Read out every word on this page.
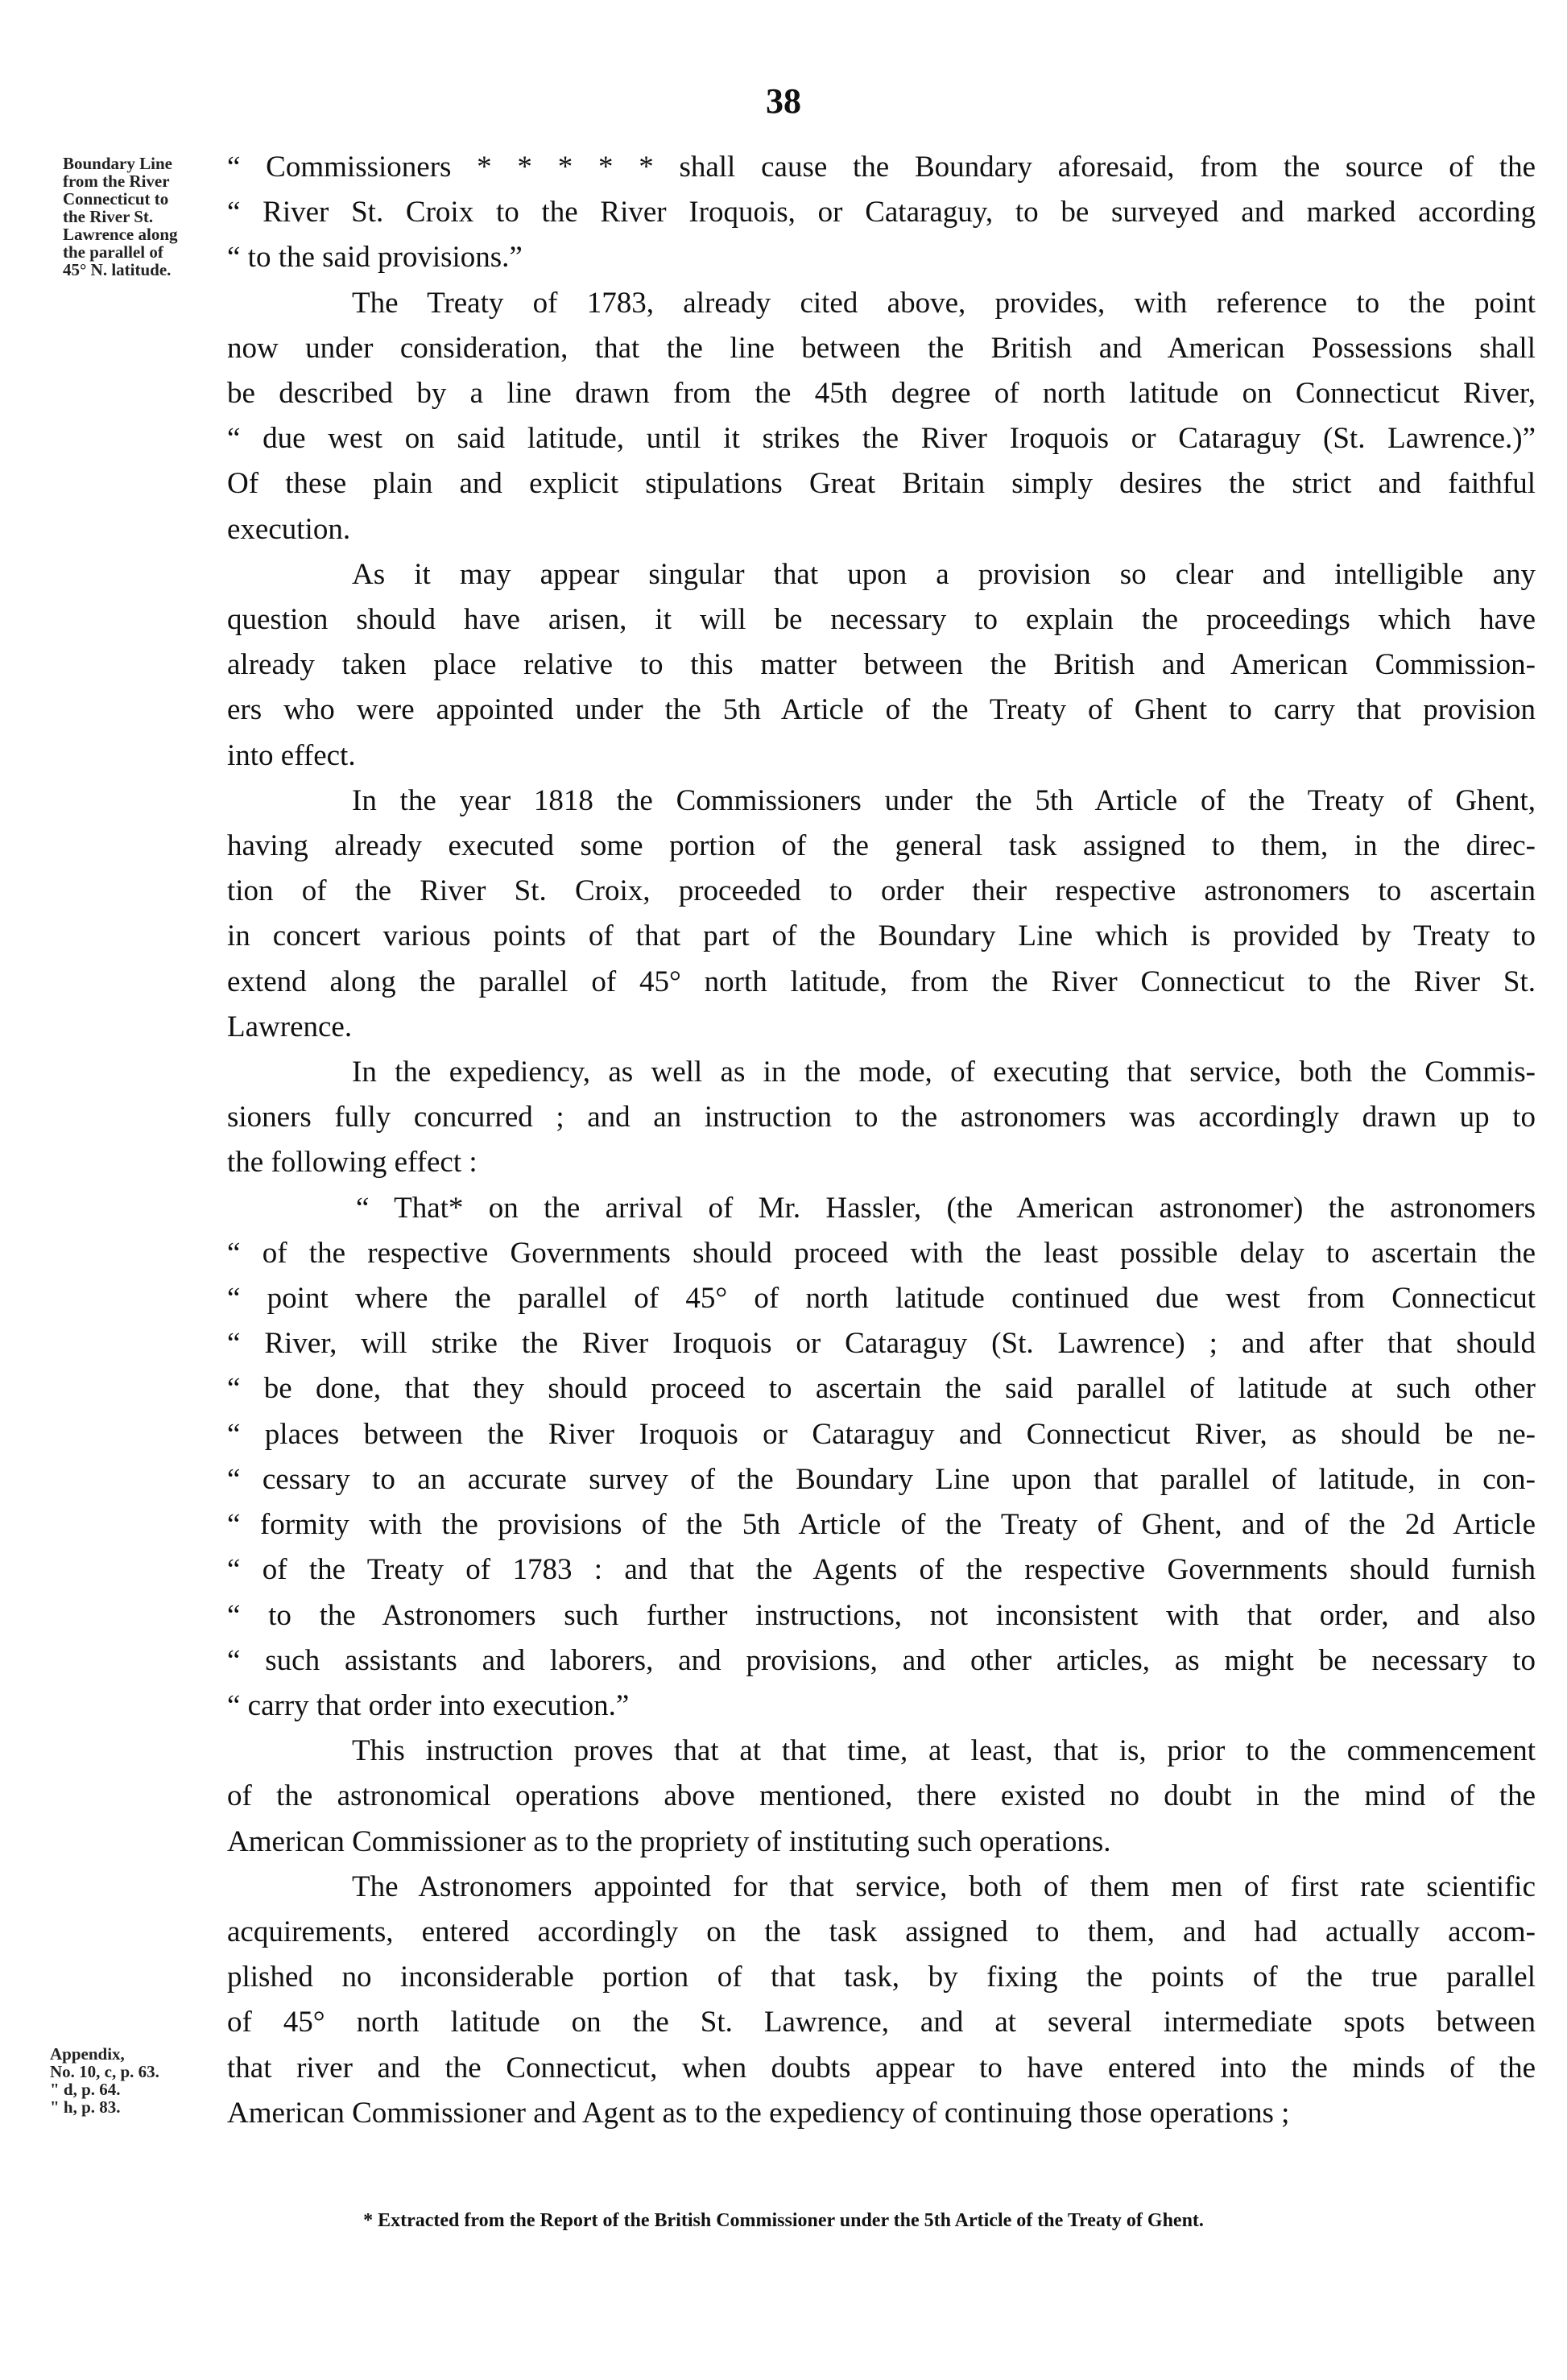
38
Boundary Line
from the River
Connecticut to
the River St.
Lawrence along
the parallel of
45° N. latitude.
Appendix,
No. 10, c, p. 63.
" d, p. 64.
" h, p. 83.

“ Commissioners * * * * * shall cause the Boundary aforesaid, from the source of the
“ River St. Croix to the River Iroquois, or Cataraguy, to be surveyed and marked according
“ to the said provisions.”

The Treaty of 1783, already cited above, provides, with reference to the point
now under consideration, that the line between the British and American Possessions shall
be described by a line drawn from the 45th degree of north latitude on Connecticut River,
“ due west on said latitude, until it strikes the River Iroquois or Cataraguy (St. Lawrence.)”
Of these plain and explicit stipulations Great Britain simply desires the strict and faithful
execution.

As it may appear singular that upon a provision so clear and intelligible any
question should have arisen, it will be necessary to explain the proceedings which have
already taken place relative to this matter between the British and American Commission-
ers who were appointed under the 5th Article of the Treaty of Ghent to carry that provision
into effect.

In the year 1818 the Commissioners under the 5th Article of the Treaty of Ghent,
having already executed some portion of the general task assigned to them, in the direc-
tion of the River St. Croix, proceeded to order their respective astronomers to ascertain
in concert various points of that part of the Boundary Line which is provided by Treaty to
extend along the parallel of 45° north latitude, from the River Connecticut to the River St.
Lawrence.

In the expediency, as well as in the mode, of executing that service, both the Commis-
sioners fully concurred ; and an instruction to the astronomers was accordingly drawn up to
the following effect :

“ That* on the arrival of Mr. Hassler, (the American astronomer) the astronomers
“ of the respective Governments should proceed with the least possible delay to ascertain the
“ point where the parallel of 45° of north latitude continued due west from Connecticut
“ River, will strike the River Iroquois or Cataraguy (St. Lawrence) ; and after that should
“ be done, that they should proceed to ascertain the said parallel of latitude at such other
“ places between the River Iroquois or Cataraguy and Connecticut River, as should be ne-
“ cessary to an accurate survey of the Boundary Line upon that parallel of latitude, in con-
“ formity with the provisions of the 5th Article of the Treaty of Ghent, and of the 2d Article
“ of the Treaty of 1783 : and that the Agents of the respective Governments should furnish
“ to the Astronomers such further instructions, not inconsistent with that order, and also
“ such assistants and laborers, and provisions, and other articles, as might be necessary to
“ carry that order into execution.”

This instruction proves that at that time, at least, that is, prior to the commencement
of the astronomical operations above mentioned, there existed no doubt in the mind of the
American Commissioner as to the propriety of instituting such operations.

The Astronomers appointed for that service, both of them men of first rate scientific
acquirements, entered accordingly on the task assigned to them, and had actually accom-
plished no inconsiderable portion of that task, by fixing the points of the true parallel
of 45° north latitude on the St. Lawrence, and at several intermediate spots between
that river and the Connecticut, when doubts appear to have entered into the minds of the
American Commissioner and Agent as to the expediency of continuing those operations ;

* Extracted from the Report of the British Commissioner under the 5th Article of the Treaty of Ghent.
